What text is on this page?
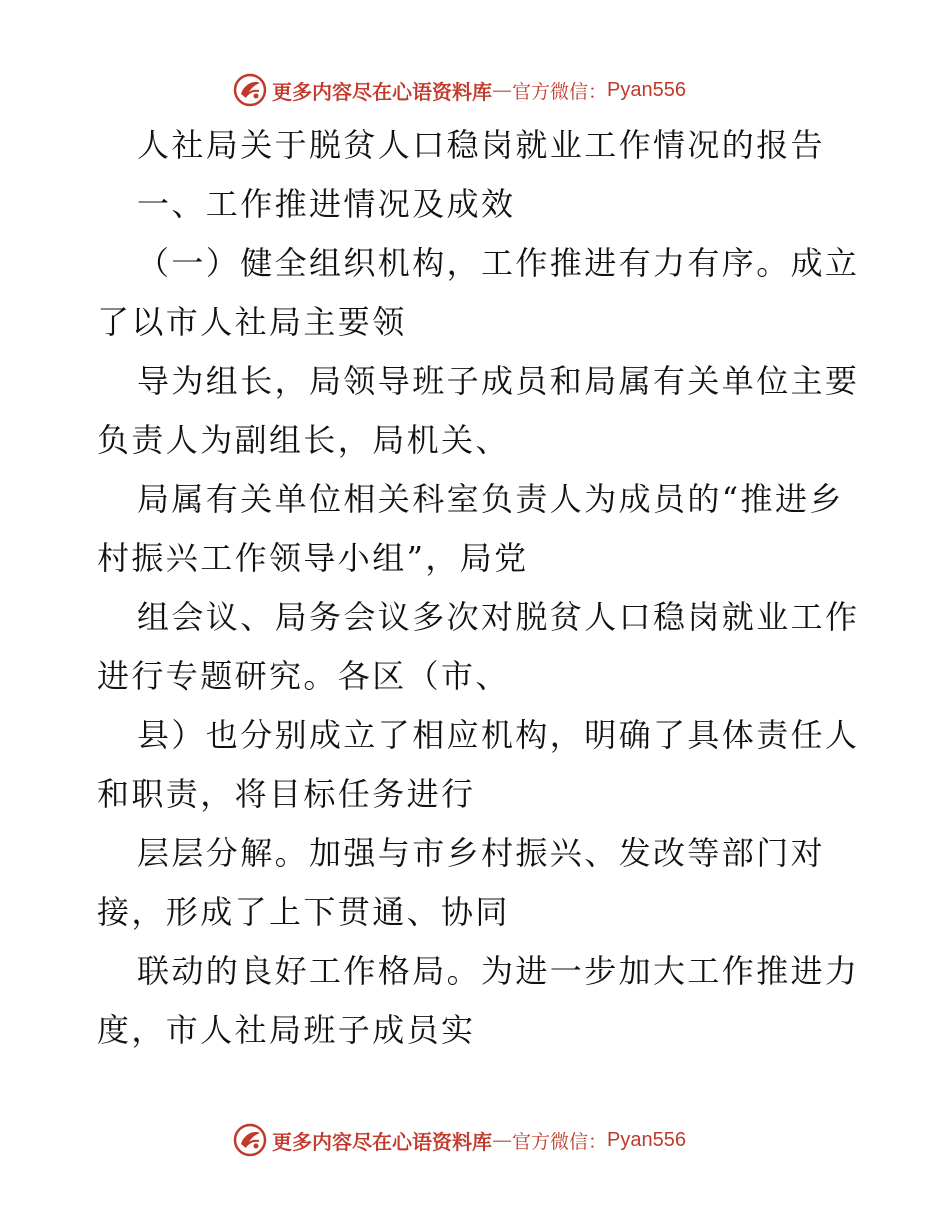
更多内容尽在心语资料库 — 官方微信： Pyan556
人社局关于脱贫人口稳岗就业工作情况的报告
一、工作推进情况及成效
（一）健全组织机构，工作推进有力有序。成立
了以市人社局主要领
导为组长，局领导班子成员和局属有关单位主要
负责人为副组长，局机关、
局属有关单位相关科室负责人为成员的“推进乡
村振兴工作领导小组”，局党
组会议、局务会议多次对脱贫人口稳岗就业工作
进行专题研究。各区（市、
县）也分别成立了相应机构，明确了具体责任人
和职责，将目标任务进行
层层分解。加强与市乡村振兴、发改等部门对
接，形成了上下贯通、协同
联动的良好工作格局。为进一步加大工作推进力
度，市人社局班子成员实
更多内容尽在心语资料库 — 官方微信： Pyan556
